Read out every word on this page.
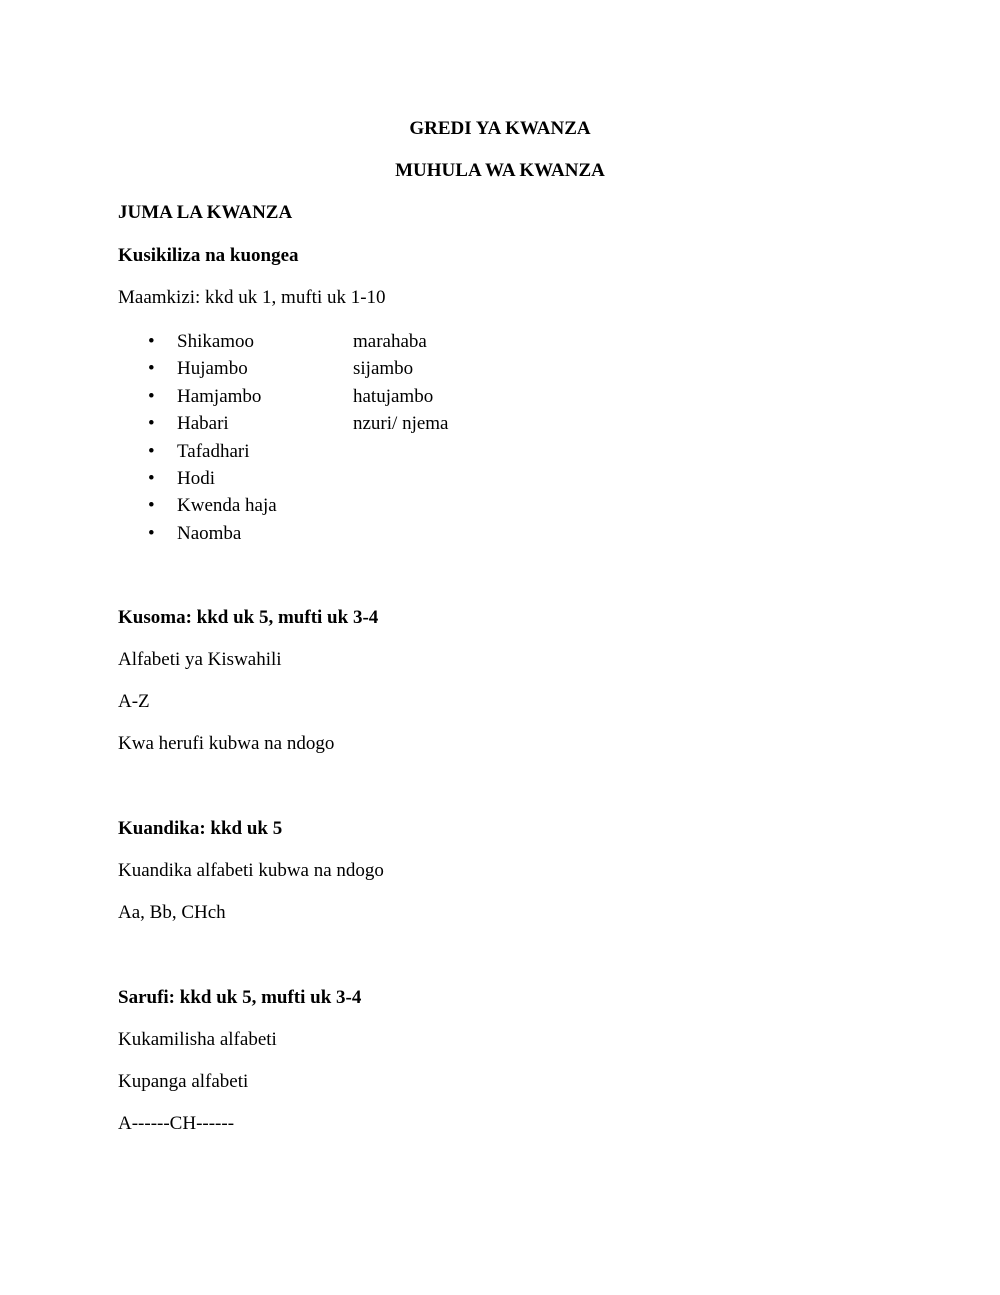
GREDI YA KWANZA
MUHULA WA KWANZA
JUMA LA KWANZA
Kusikiliza na kuongea
Maamkizi: kkd uk 1, mufti uk 1-10
•	Shikamoo	marahaba
•	Hujambo	sijambo
•	Hamjambo	hatujambo
•	Habari	nzuri/ njema
•	Tafadhari
•	Hodi
•	Kwenda haja
•	Naomba
Kusoma: kkd uk 5, mufti uk 3-4
Alfabeti ya Kiswahili
A-Z
Kwa herufi kubwa na ndogo
Kuandika: kkd uk 5
Kuandika alfabeti kubwa na ndogo
Aa, Bb, CHch
Sarufi: kkd uk 5, mufti uk 3-4
Kukamilisha alfabeti
Kupanga alfabeti
A------CH------
